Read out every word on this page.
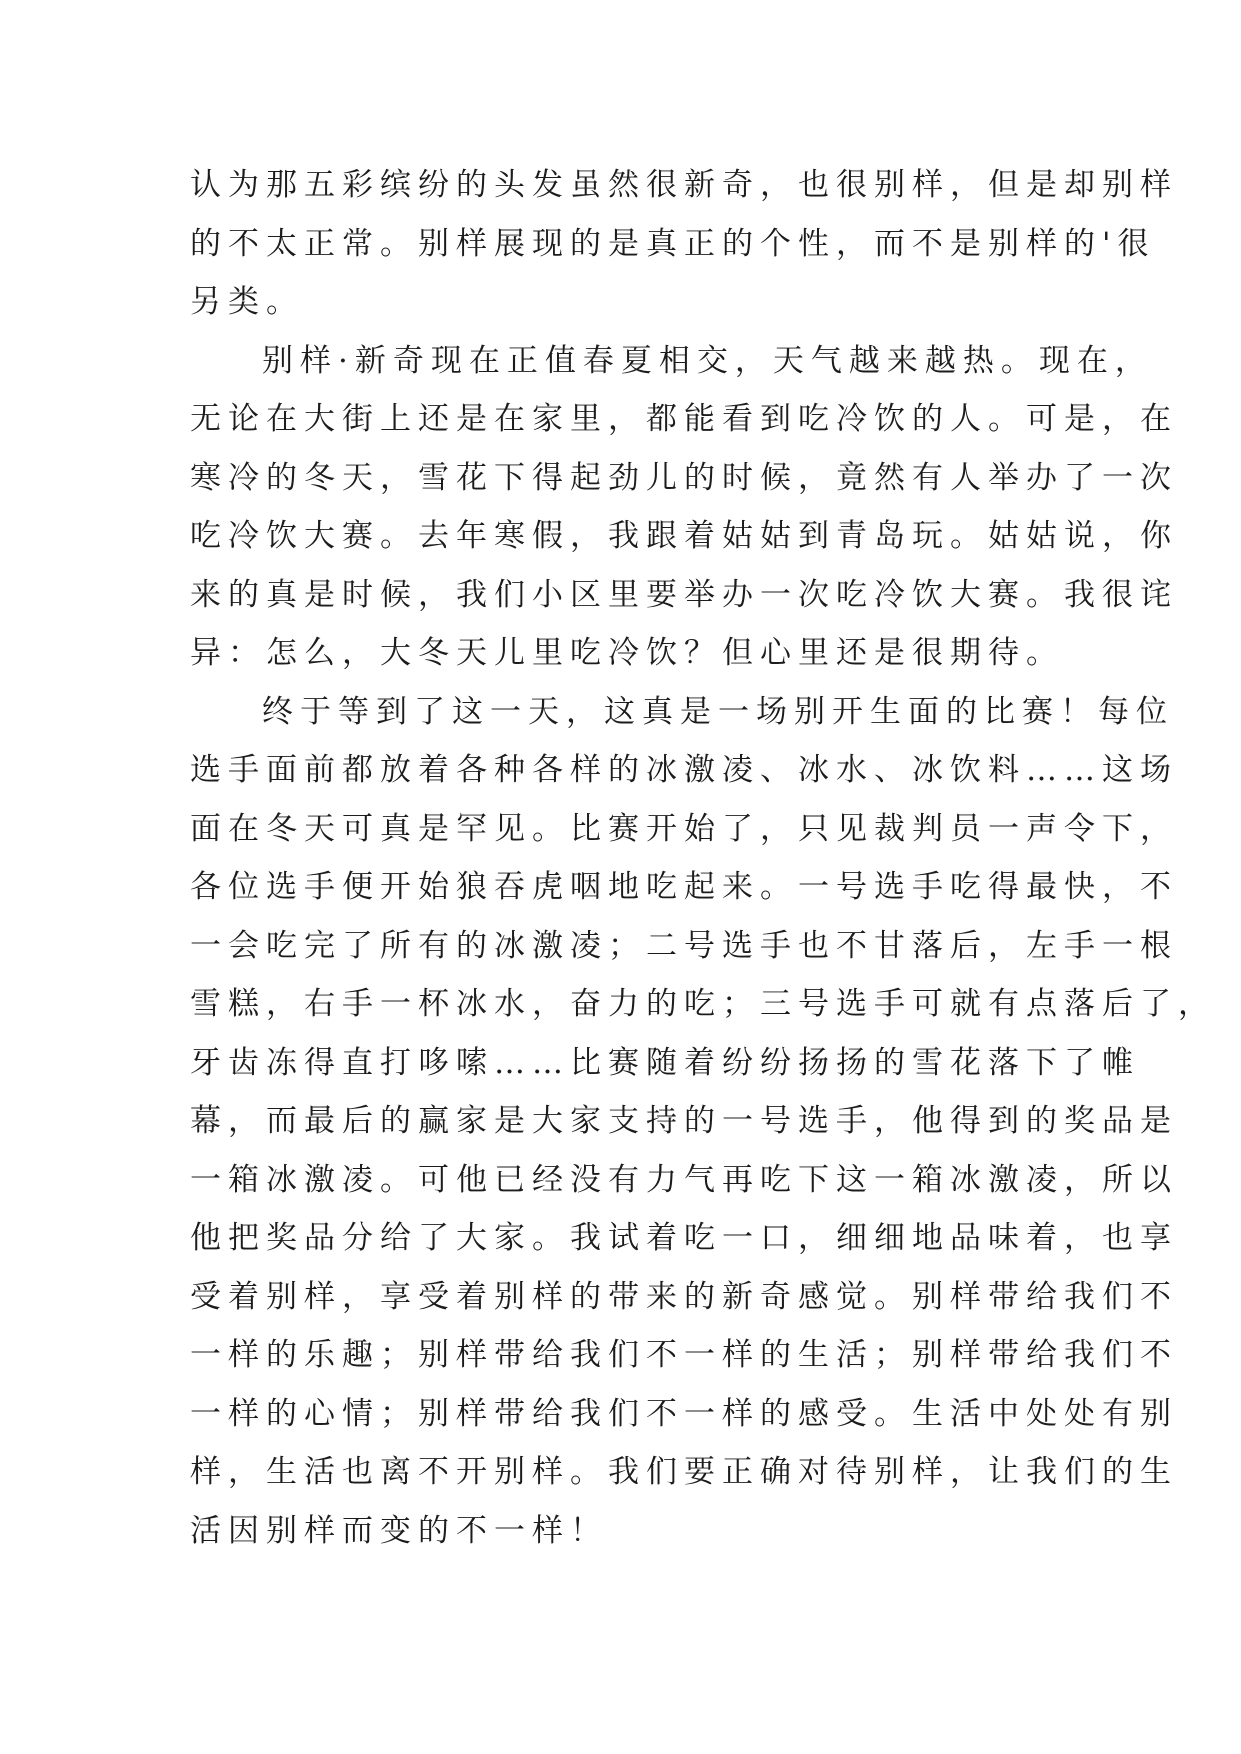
认为那五彩缤纷的头发虽然很新奇，也很别样，但是却别样
的不太正常。别样展现的是真正的个性，而不是别样的'很
另类。
别样·新奇现在正值春夏相交，天气越来越热。现在，
无论在大街上还是在家里，都能看到吃冷饮的人。可是，在
寒冷的冬天，雪花下得起劲儿的时候，竟然有人举办了一次
吃冷饮大赛。去年寒假，我跟着姑姑到青岛玩。姑姑说，你
来的真是时候，我们小区里要举办一次吃冷饮大赛。我很诧
异：怎么，大冬天儿里吃冷饮？但心里还是很期待。
终于等到了这一天，这真是一场别开生面的比赛！每位
选手面前都放着各种各样的冰激凌、冰水、冰饮料……这场
面在冬天可真是罕见。比赛开始了，只见裁判员一声令下，
各位选手便开始狼吞虎咽地吃起来。一号选手吃得最快，不
一会吃完了所有的冰激凌；二号选手也不甘落后，左手一根
雪糕，右手一杯冰水，奋力的吃；三号选手可就有点落后了，
牙齿冻得直打哆嗦……比赛随着纷纷扬扬的雪花落下了帷
幕，而最后的赢家是大家支持的一号选手，他得到的奖品是
一箱冰激凌。可他已经没有力气再吃下这一箱冰激凌，所以
他把奖品分给了大家。我试着吃一口，细细地品味着，也享
受着别样，享受着别样的带来的新奇感觉。别样带给我们不
一样的乐趣；别样带给我们不一样的生活；别样带给我们不
一样的心情；别样带给我们不一样的感受。生活中处处有别
样，生活也离不开别样。我们要正确对待别样，让我们的生
活因别样而变的不一样！
